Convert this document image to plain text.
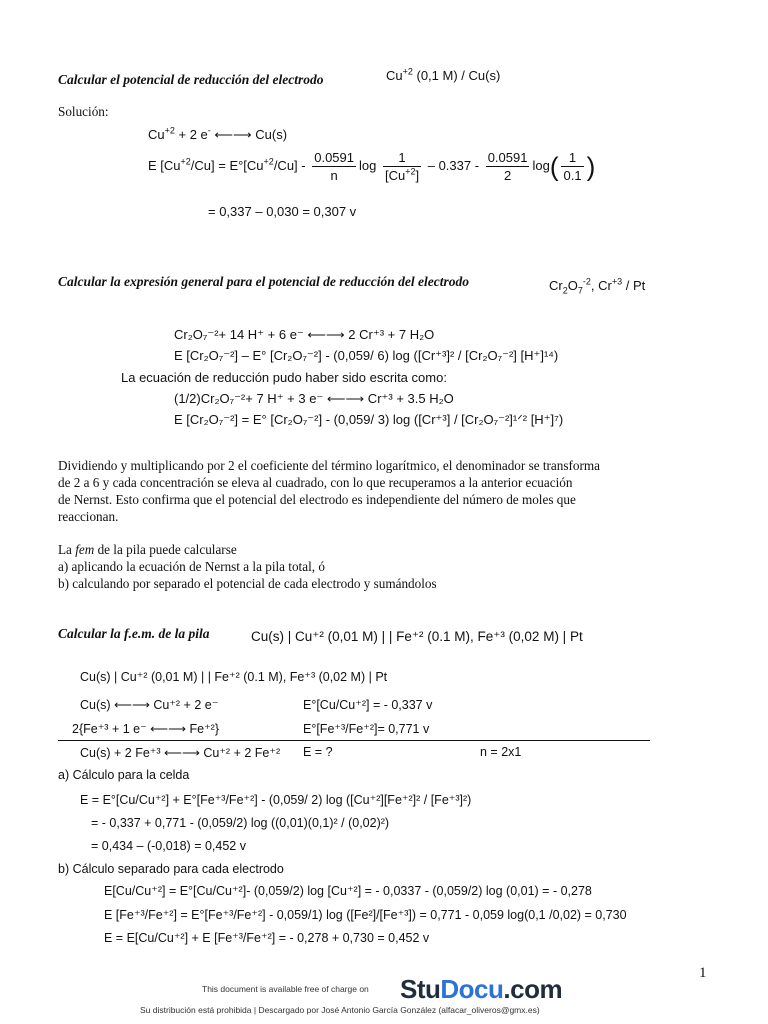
Calcular el potencial de reducción del electrodo	$Cu^{+2}$ (0,1 M) / Cu(s)
Solución:
$Cu^{+2} + 2$ e- ⟵⟶ Cu(s)
E $[Cu^{+2}/Cu] = E^\circ[Cu^{+2}/Cu] - \frac{0.0591}{n}$ $\log \frac{1}{[Cu^{+2}]} - 0.337 - \frac{0.0591}{2} \log( \frac{1}{0.1}$ )
= 0,337 – 0,030 = 0,307 v
Calcular la expresión general para el potencial de reducción del electrodo	$Cr_2O_7^{-2}$, $Cr^{+3}$ / Pt
Cr₂O₇⁻²+ 14 H⁺ + 6 e⁻ ⟵⟶ 2 Cr⁺³ + 7 H₂O
E [Cr₂O₇⁻²] – E° [Cr₂O₇⁻²] - (0,059/ 6) log ([Cr⁺³]² / [Cr₂O₇⁻²] [H⁺]¹⁴)
La ecuación de reducción pudo haber sido escrita como:
(1/2)Cr₂O₇⁻²+ 7 H⁺ + 3 e⁻ ⟵⟶ Cr⁺³ + 3.5 H₂O
E [Cr₂O₇⁻²] = E° [Cr₂O₇⁻²] - (0,059/ 3) log ([Cr⁺³] / [Cr₂O₇⁻²]¹ᐟ² [H⁺]⁷)
Dividiendo y multiplicando por 2 el coeficiente del término logarítmico, el denominador se transforma
de 2 a 6 y cada concentración se eleva al cuadrado, con lo que recuperamos a la anterior ecuación
de Nernst. Esto confirma que el potencial del electrodo es independiente del número de moles que
reaccionan.
La fem de la pila puede calcularse
a) aplicando la ecuación de Nernst a la pila total, ó
b) calculando por separado el potencial de cada electrodo y sumándolos
Calcular la f.e.m. de la pila	Cu(s) | Cu⁺² (0,01 M) | | Fe⁺² (0.1 M), Fe⁺³ (0,02 M) | Pt
Cu(s) | Cu⁺² (0,01 M) | | Fe⁺² (0.1 M), Fe⁺³ (0,02 M) | Pt
Cu(s) ⟵⟶ Cu⁺² + 2 e⁻	E°[Cu/Cu⁺²] = - 0,337 v
2{Fe⁺³ + 1 e⁻ ⟵⟶ Fe⁺²}	E°[Fe⁺³/Fe⁺²]= 0,771 v
Cu(s) + 2 Fe⁺³ ⟵⟶ Cu⁺² + 2 Fe⁺² E = ?	n = 2x1
a) Cálculo para la celda
E = E°[Cu/Cu⁺²] + E°[Fe⁺³/Fe⁺²] - (0,059/ 2) log ([Cu⁺²][Fe⁺²]² / [Fe⁺³]²)
= - 0,337 + 0,771 - (0,059/2) log ((0,01)(0,1)² / (0,02)²)
= 0,434 – (-0,018) = 0,452 v
b) Cálculo separado para cada electrodo
E[Cu/Cu⁺²] = E°[Cu/Cu⁺²]- (0,059/2) log [Cu⁺²] = - 0,0337 - (0,059/2) log (0,01) = - 0,278
E [Fe⁺³/Fe⁺²] = E°[Fe⁺³/Fe⁺²] - 0,059/1) log ([Fe²]/[Fe⁺³]) = 0,771 - 0,059 log(0,1 /0,02) = 0,730
E = E[Cu/Cu⁺²] + E [Fe⁺³/Fe⁺²] = - 0,278 + 0,730 = 0,452 v
1
This document is available free of charge on StuDocu.com
Su distribución está prohibida | Descargado por José Antonio García González (alfacar_oliveros@gmx.es)
